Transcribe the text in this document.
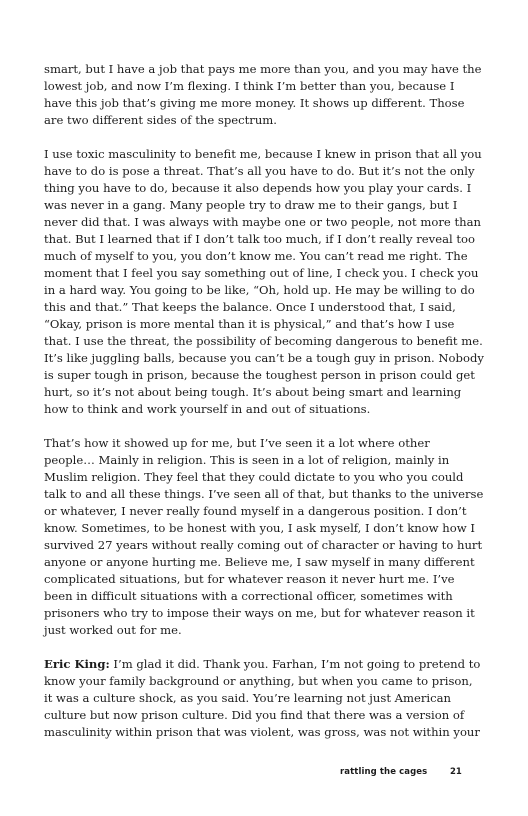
smart, but I have a job that pays me more than you, and you may have the lowest job, and now I’m flexing. I think I’m better than you, because I have this job that’s giving me more money. It shows up different. Those are two different sides of the spectrum.

I use toxic masculinity to benefit me, because I knew in prison that all you have to do is pose a threat. That’s all you have to do. But it’s not the only thing you have to do, because it also depends how you play your cards. I was never in a gang. Many people try to draw me to their gangs, but I never did that. I was always with maybe one or two people, not more than that. But I learned that if I don’t talk too much, if I don’t really reveal too much of myself to you, you don’t know me. You can’t read me right. The moment that I feel you say something out of line, I check you. I check you in a hard way. You going to be like, “Oh, hold up. He may be willing to do this and that.” That keeps the balance. Once I understood that, I said, “Okay, prison is more mental than it is physical,” and that’s how I use that. I use the threat, the possibility of becoming dangerous to benefit me. It’s like juggling balls, because you can’t be a tough guy in prison. Nobody is super tough in prison, because the toughest person in prison could get hurt, so it’s not about being tough. It’s about being smart and learning how to think and work yourself in and out of situations.

That’s how it showed up for me, but I’ve seen it a lot where other people… Mainly in religion. This is seen in a lot of religion, mainly in Muslim religion. They feel that they could dictate to you who you could talk to and all these things. I’ve seen all of that, but thanks to the universe or whatever, I never really found myself in a dangerous position. I don’t know. Sometimes, to be honest with you, I ask myself, I don’t know how I survived 27 years without really coming out of character or having to hurt anyone or anyone hurting me. Believe me, I saw myself in many different complicated situations, but for whatever reason it never hurt me. I’ve been in difficult situations with a correctional officer, sometimes with prisoners who try to impose their ways on me, but for whatever reason it just worked out for me.

Eric King: I’m glad it did. Thank you. Farhan, I’m not going to pretend to know your family background or anything, but when you came to prison, it was a culture shock, as you said. You’re learning not just American culture but now prison culture. Did you find that there was a version of masculinity within prison that was violent, was gross, was not within your

rattling the cages	21
